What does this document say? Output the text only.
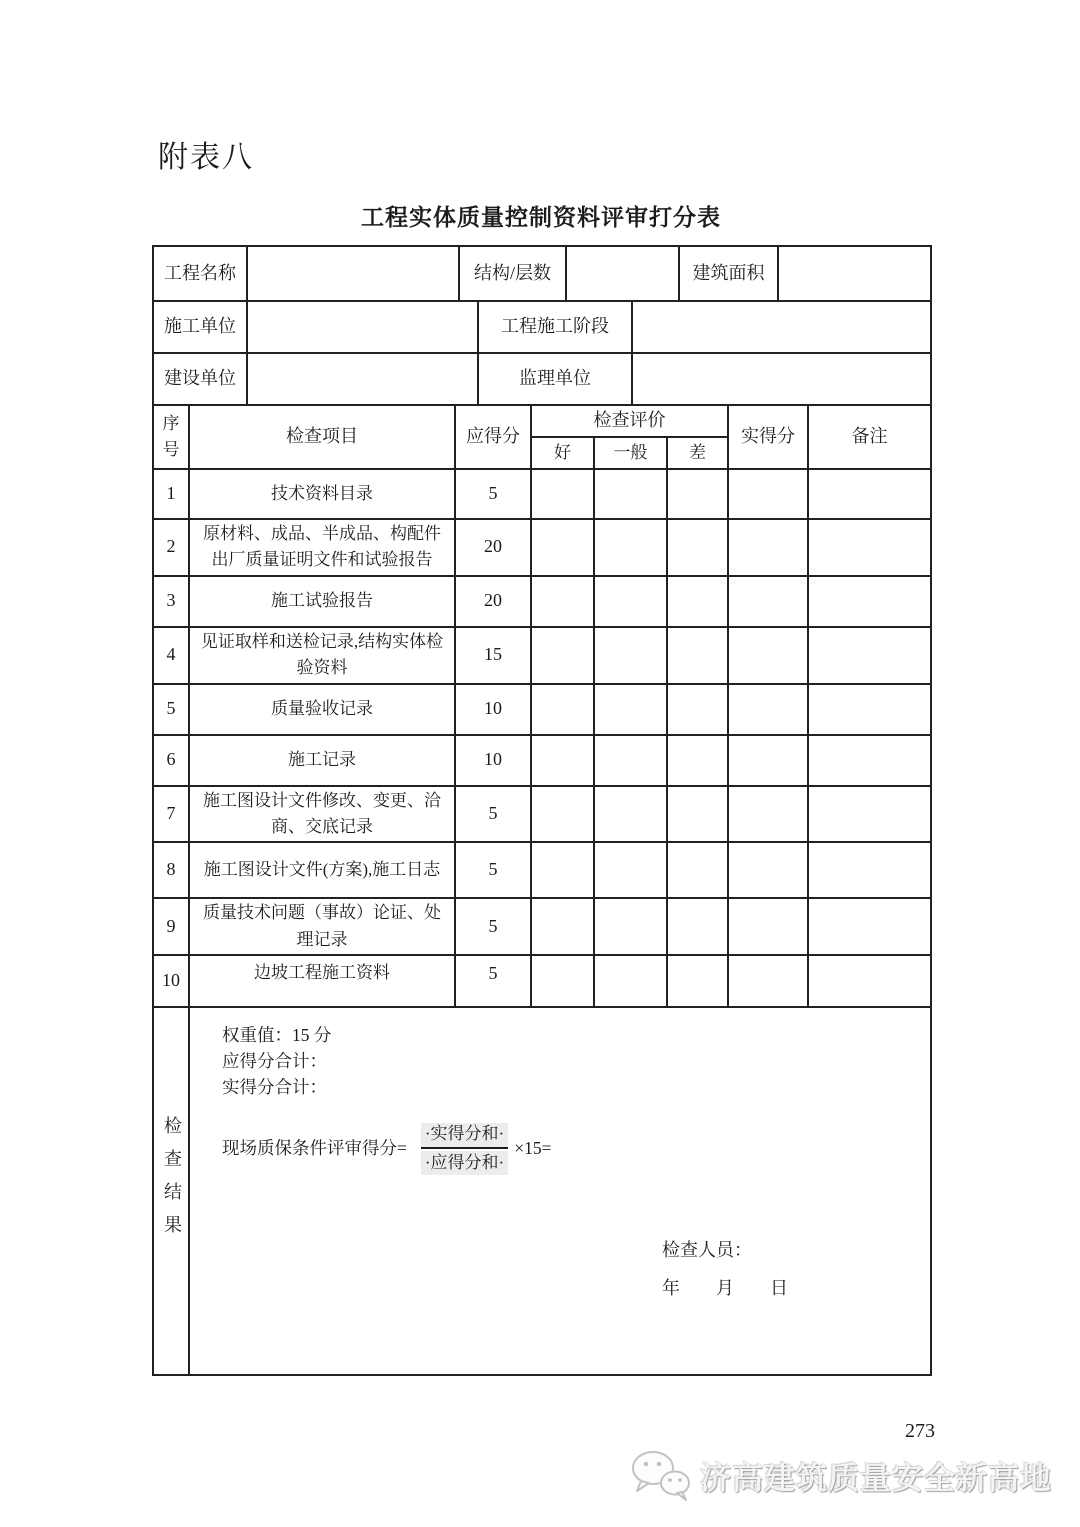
附表八
工程实体质量控制资料评审打分表
工程名称		结构/层数				建筑面积	
施工单位			工程施工阶段				
建设单位			监理单位				
序号	检查项目	应得分	检查评价			实得分	备注
			好	一般	差		
1	技术资料目录	5					
2	原材料、成品、半成品、构配件出厂质量证明文件和试验报告	20					
3	施工试验报告	20					
4	见证取样和送检记录,结构实体检验资料	15					
5	质量验收记录	10					
6	施工记录	10					
7	施工图设计文件修改、变更、洽商、交底记录	5					
8	施工图设计文件(方案),施工日志	5					
9	质量技术问题（事故）论证、处理记录	5					
10	边坡工程施工资料	5					
检查结果	
权重值：15 分
应得分合计：
实得分合计：
现场质保条件评审得分= $\frac{\text{·实得分和·}}{\text{·应得分和·}} \times 15=$
检查人员：
年　　月　　日
273
济高建筑质量安全新高地
